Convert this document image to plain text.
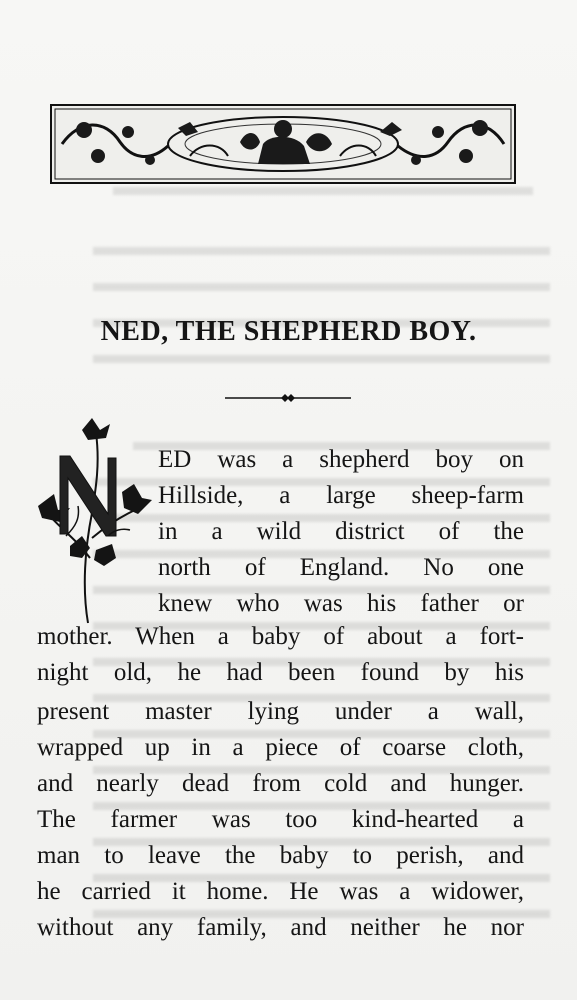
NED, THE SHEPHERD BOY.

ED was a shepherd boy on

Hillside, a large sheep-farm

in a wild district of the

north of England. No one

knew who was his father or

mother. When a baby of about a fort-

night old, he had been found by his

present master lying under a wall,

wrapped up in a piece of coarse cloth,

and nearly dead from cold and hunger.

The farmer was too kind-hearted a

man to leave the baby to perish, and

he carried it home. He was a widower,

without any family, and neither he nor
